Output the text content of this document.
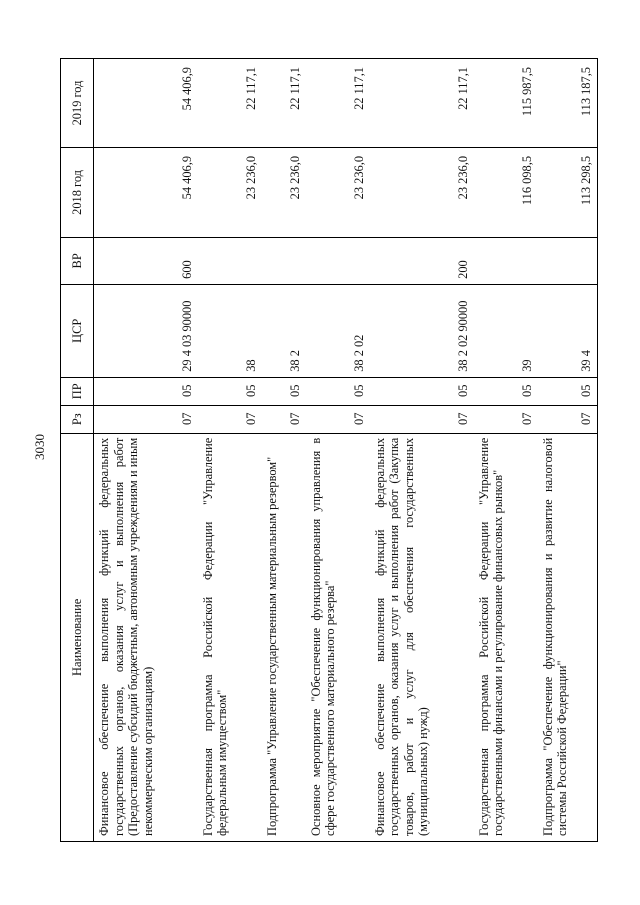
3030
Наименование	Рз	ПР	ЦСР	ВР	2018 год	2019 год
Финансовое обеспечение выполнения функций федеральных государственных органов, оказания услуг и выполнения работ (Предоставление субсидий бюджетным, автономным учреждениям и иным некоммерческим организациям)	07	05	29 4 03 90000	600	54 406,9	54 406,9
Государственная программа Российской Федерации "Управление федеральным имуществом"	07	05	38		23 236,0	22 117,1
Подпрограмма "Управление государственным материальным резервом"	07	05	38 2		23 236,0	22 117,1
Основное мероприятие "Обеспечение функционирования управления в сфере государственного материального резерва"	07	05	38 2 02		23 236,0	22 117,1
Финансовое обеспечение выполнения функций федеральных государственных органов, оказания услуг и выполнения работ (Закупка товаров, работ и услуг для обеспечения государственных (муниципальных) нужд)	07	05	38 2 02 90000	200	23 236,0	22 117,1
Государственная программа Российской Федерации "Управление государственными финансами и регулирование финансовых рынков"	07	05	39		116 098,5	115 987,5
Подпрограмма "Обеспечение функционирования и развитие налоговой системы Российской Федерации"	07	05	39 4		113 298,5	113 187,5
